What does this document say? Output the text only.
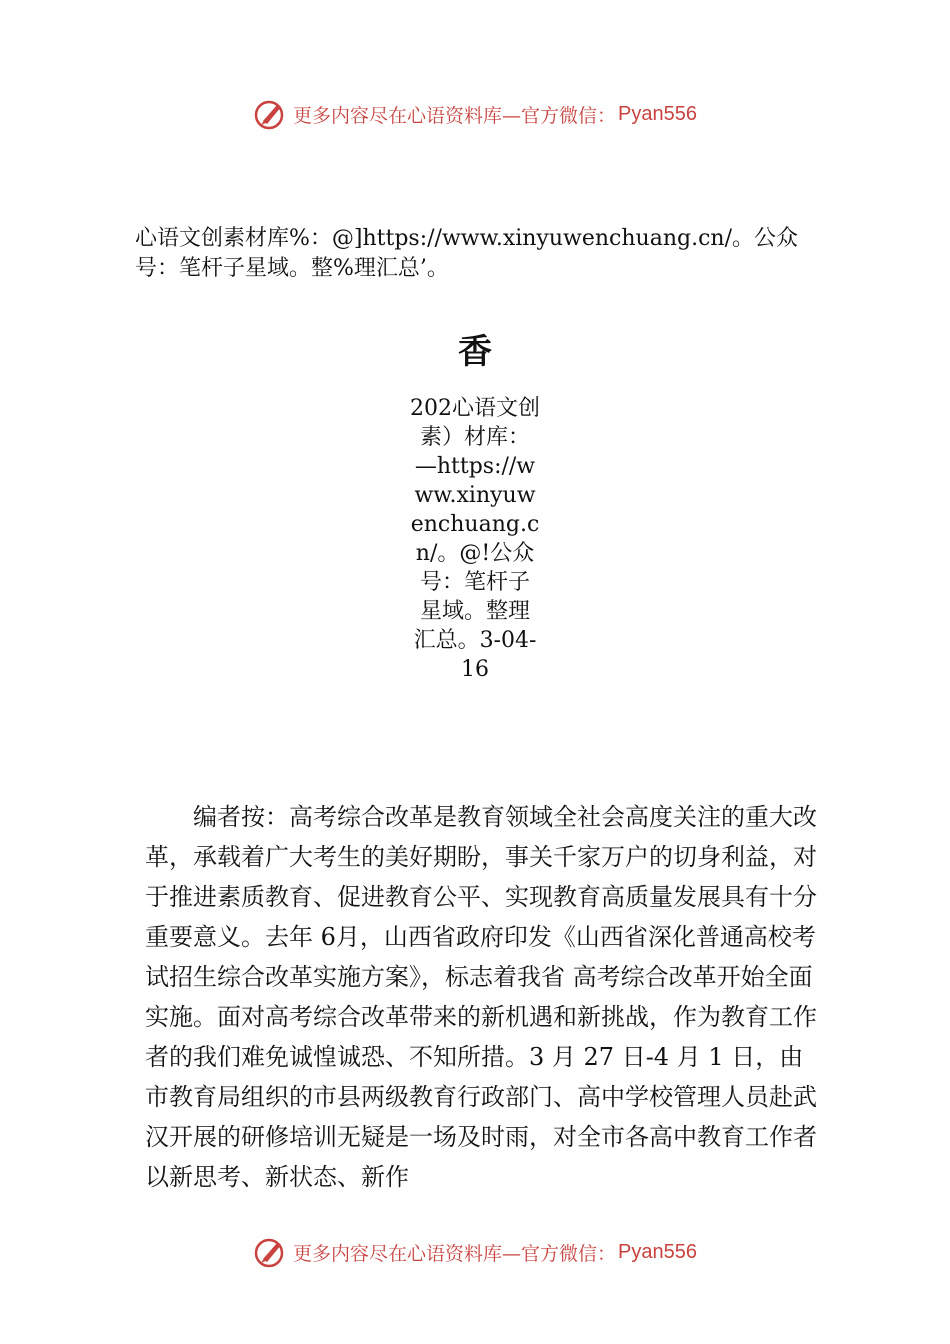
更多内容尽在心语资料库—官方微信： Pyan556
心语文创素材库%：@]https://www.xinyuwenchuang.cn/。公众号：笔杆子星域。整%理汇总’。
香
202心语文创素）材库：—https://www.xinyuwenchuang.cn/。@!公众号：笔杆子星域。整理汇总。3-04-16
编者按：高考综合改革是教育领域全社会高度关注的重大改革，承载着广大考生的美好期盼，事关千家万户的切身利益，对于推进素质教育、促进教育公平、实现教育高质量发展具有十分重要意义。去年 6月，山西省政府印发《山西省深化普通高校考试招生综合改革实施方案》，标志着我省 高考综合改革开始全面实施。面对高考综合改革带来的新机遇和新挑战，作为教育工作者的我们难免诚惶诚恐、不知所措。3 月 27 日-4 月 1 日，由市教育局组织的市县两级教育行政部门、高中学校管理人员赴武汉开展的研修培训无疑是一场及时雨，对全市各高中教育工作者以新思考、新状态、新作
更多内容尽在心语资料库—官方微信： Pyan556
